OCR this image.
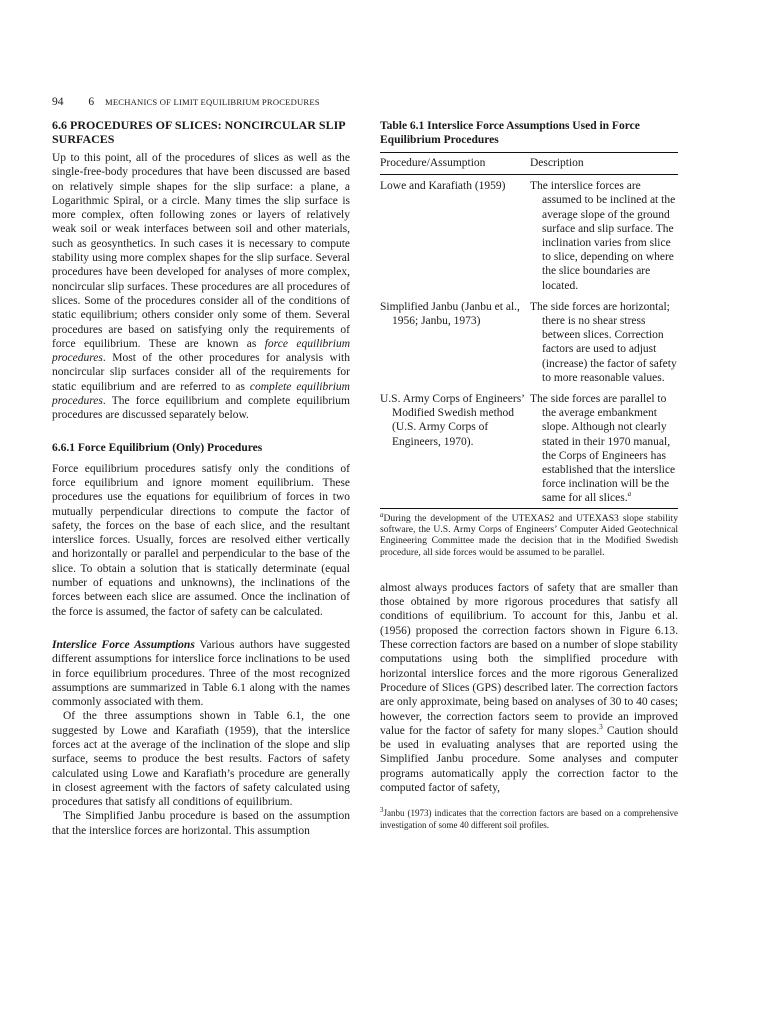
94 6 MECHANICS OF LIMIT EQUILIBRIUM PROCEDURES
6.6 PROCEDURES OF SLICES: NONCIRCULAR SLIP SURFACES

Up to this point, all of the procedures of slices as well as the single-free-body procedures that have been discussed are based on relatively simple shapes for the slip surface: a plane, a Logarithmic Spiral, or a circle. Many times the slip surface is more complex, often following zones or layers of relatively weak soil or weak interfaces between soil and other materials, such as geosynthetics. In such cases it is necessary to compute stability using more complex shapes for the slip surface. Several procedures have been developed for analyses of more complex, noncircular slip surfaces. These procedures are all procedures of slices. Some of the procedures consider all of the conditions of static equilibrium; others consider only some of them. Several procedures are based on satisfying only the requirements of force equilibrium. These are known as force equilibrium procedures. Most of the other procedures for analysis with noncircular slip surfaces consider all of the requirements for static equilibrium and are referred to as complete equilibrium procedures. The force equilibrium and complete equilibrium procedures are discussed separately below.

6.6.1 Force Equilibrium (Only) Procedures

Force equilibrium procedures satisfy only the conditions of force equilibrium and ignore moment equilibrium. These procedures use the equations for equilibrium of forces in two mutually perpendicular directions to compute the factor of safety, the forces on the base of each slice, and the resultant interslice forces. Usually, forces are resolved either vertically and horizontally or parallel and perpendicular to the base of the slice. To obtain a solution that is statically determinate (equal number of equations and unknowns), the inclinations of the forces between each slice are assumed. Once the inclination of the force is assumed, the factor of safety can be calculated.

Interslice Force Assumptions Various authors have suggested different assumptions for interslice force inclinations to be used in force equilibrium procedures. Three of the most recognized assumptions are summarized in Table 6.1 along with the names commonly associated with them.

Of the three assumptions shown in Table 6.1, the one suggested by Lowe and Karafiath (1959), that the interslice forces act at the average of the inclination of the slope and slip surface, seems to produce the best results. Factors of safety calculated using Lowe and Karafiath’s procedure are generally in closest agreement with the factors of safety calculated using procedures that satisfy all conditions of equilibrium.

The Simplified Janbu procedure is based on the assumption that the interslice forces are horizontal. This assumption

Table 6.1 Interslice Force Assumptions Used in Force Equilibrium Procedures
Procedure/Assumption	Description

Lowe and Karafiath (1959)	The interslice forces are assumed to be inclined at the average slope of the ground surface and slip surface. The inclination varies from slice to slice, depending on where the slice boundaries are located.

Simplified Janbu (Janbu et al., 1956; Janbu, 1973)	The side forces are horizontal; there is no shear stress between slices. Correction factors are used to adjust (increase) the factor of safety to more reasonable values.

U.S. Army Corps of Engineers’ Modified Swedish method (U.S. Army Corps of Engineers, 1970).	The side forces are parallel to the average embankment slope. Although not clearly stated in their 1970 manual, the Corps of Engineers has established that the interslice force inclination will be the same for all slices.$^a$

$^a$During the development of the UTEXAS2 and UTEXAS3 slope stability software, the U.S. Army Corps of Engineers’ Computer Aided Geotechnical Engineering Committee made the decision that in the Modified Swedish procedure, all side forces would be assumed to be parallel.

almost always produces factors of safety that are smaller than those obtained by more rigorous procedures that satisfy all conditions of equilibrium. To account for this, Janbu et al. (1956) proposed the correction factors shown in Figure 6.13. These correction factors are based on a number of slope stability computations using both the simplified procedure with horizontal interslice forces and the more rigorous Generalized Procedure of Slices (GPS) described later. The correction factors are only approximate, being based on analyses of 30 to 40 cases; however, the correction factors seem to provide an improved value for the factor of safety for many slopes.$^3$ Caution should be used in evaluating analyses that are reported using the Simplified Janbu procedure. Some analyses and computer programs automatically apply the correction factor to the computed factor of safety,

$^3$Janbu (1973) indicates that the correction factors are based on a comprehensive investigation of some 40 different soil profiles.
